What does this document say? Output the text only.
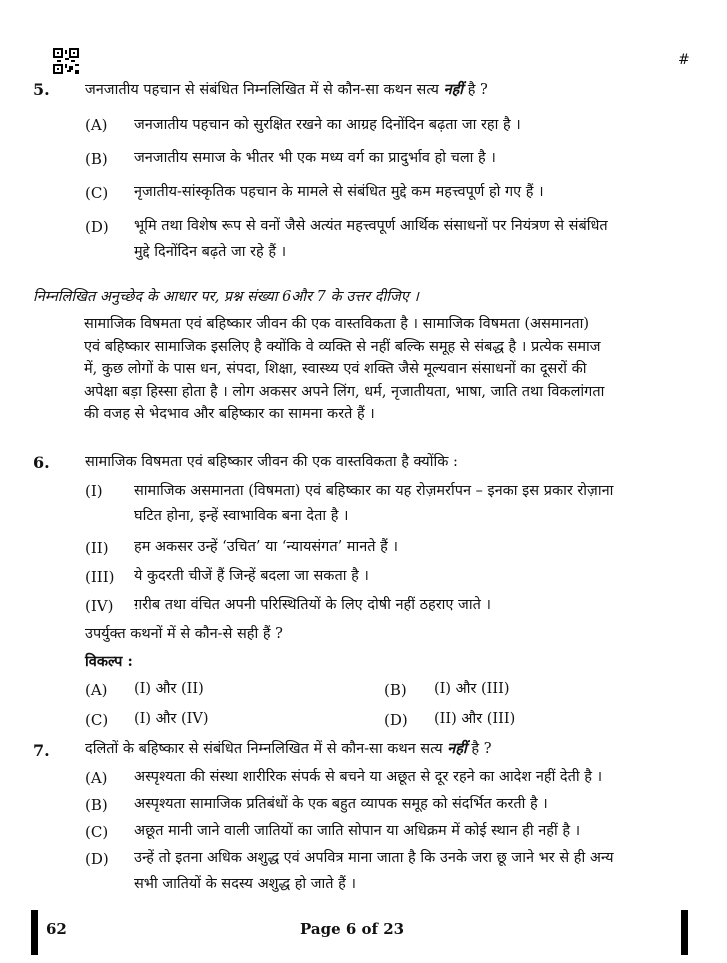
#
5. जनजातीय पहचान से संबंधित निम्नलिखित में से कौन-सा कथन सत्य नहीं है ?
(A) जनजातीय पहचान को सुरक्षित रखने का आग्रह दिनोंदिन बढ़ता जा रहा है ।
(B) जनजातीय समाज के भीतर भी एक मध्य वर्ग का प्रादुर्भाव हो चला है ।
(C) नृजातीय-सांस्कृतिक पहचान के मामले से संबंधित मुद्दे कम महत्त्वपूर्ण हो गए हैं ।
(D) भूमि तथा विशेष रूप से वनों जैसे अत्यंत महत्त्वपूर्ण आर्थिक संसाधनों पर नियंत्रण से संबंधित
मुद्दे दिनोंदिन बढ़ते जा रहे हैं ।
निम्नलिखित अनुच्छेद के आधार पर, प्रश्न संख्या 6और 7 के उत्तर दीजिए ।
सामाजिक विषमता एवं बहिष्कार जीवन की एक वास्तविकता है । सामाजिक विषमता (असमानता)
एवं बहिष्कार सामाजिक इसलिए है क्योंकि वे व्यक्ति से नहीं बल्कि समूह से संबद्ध है । प्रत्येक समाज
में, कुछ लोगों के पास धन, संपदा, शिक्षा, स्वास्थ्य एवं शक्ति जैसे मूल्यवान संसाधनों का दूसरों की
अपेक्षा बड़ा हिस्सा होता है । लोग अकसर अपने लिंग, धर्म, नृजातीयता, भाषा, जाति तथा विकलांगता
की वजह से भेदभाव और बहिष्कार का सामना करते हैं ।
6. सामाजिक विषमता एवं बहिष्कार जीवन की एक वास्तविकता है क्योंकि :
(I) सामाजिक असमानता (विषमता) एवं बहिष्कार का यह रोज़मर्रापन – इनका इस प्रकार रोज़ाना
घटित होना, इन्हें स्वाभाविक बना देता है ।
(II) हम अकसर उन्हें ‘उचित’ या ‘न्यायसंगत’ मानते हैं ।
(III) ये कुदरती चीजें हैं जिन्हें बदला जा सकता है ।
(IV) ग़रीब तथा वंचित अपनी परिस्थितियों के लिए दोषी नहीं ठहराए जाते ।
उपर्युक्त कथनों में से कौन-से सही हैं ?
विकल्प :
(A) (I) और (II)	(B) (I) और (III)
(C) (I) और (IV)	(D) (II) और (III)
7. दलितों के बहिष्कार से संबंधित निम्नलिखित में से कौन-सा कथन सत्य नहीं है ?
(A) अस्पृश्यता की संस्था शारीरिक संपर्क से बचने या अछूत से दूर रहने का आदेश नहीं देती है ।
(B) अस्पृश्यता सामाजिक प्रतिबंधों के एक बहुत व्यापक समूह को संदर्भित करती है ।
(C) अछूत मानी जाने वाली जातियों का जाति सोपान या अधिक्रम में कोई स्थान ही नहीं है ।
(D) उन्हें तो इतना अधिक अशुद्ध एवं अपवित्र माना जाता है कि उनके जरा छू जाने भर से ही अन्य
सभी जातियों के सदस्य अशुद्ध हो जाते हैं ।
62	Page 6 of 23
